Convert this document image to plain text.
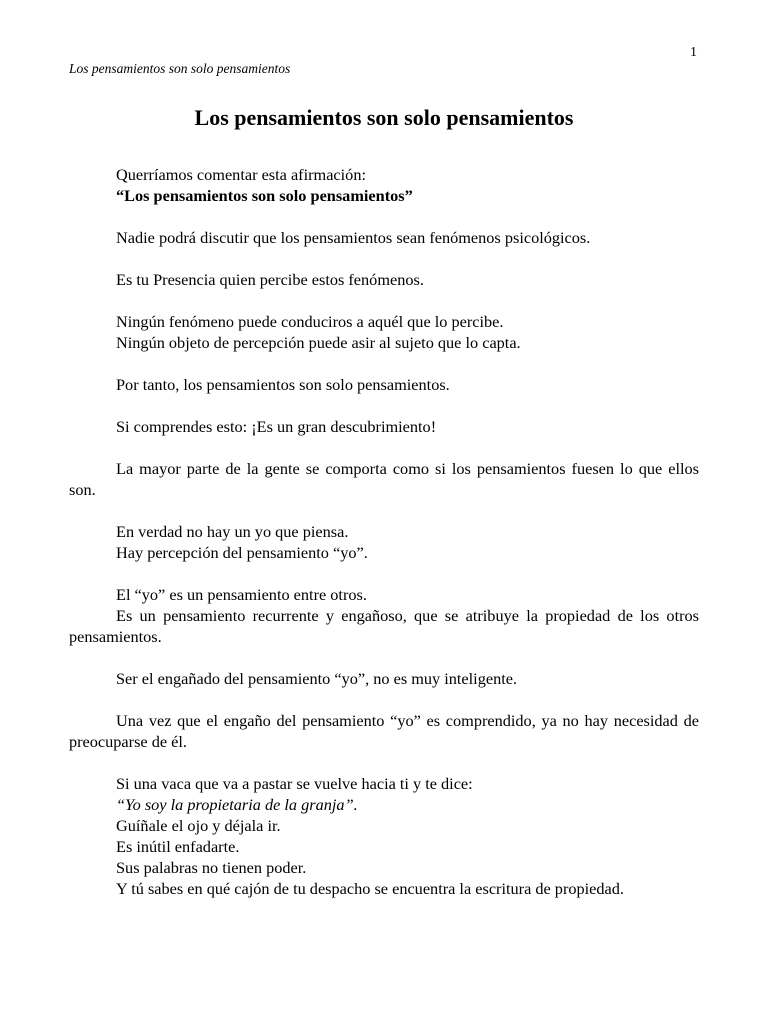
1
Los pensamientos son solo pensamientos
Los pensamientos son solo pensamientos
Querríamos comentar esta afirmación:
“Los pensamientos son solo pensamientos”
Nadie podrá discutir que los pensamientos sean fenómenos psicológicos.
Es tu Presencia quien percibe estos fenómenos.
Ningún fenómeno puede conduciros a aquél que lo percibe.
Ningún objeto de percepción puede asir al sujeto que lo capta.
Por tanto, los pensamientos son solo pensamientos.
Si comprendes esto: ¡Es un gran descubrimiento!
La mayor parte de la gente se comporta como si los pensamientos fuesen lo que ellos son.
En verdad no hay un yo que piensa.
Hay percepción del pensamiento “yo”.
El “yo” es un pensamiento entre otros.
Es un pensamiento recurrente y engañoso, que se atribuye la propiedad de los otros pensamientos.
Ser el engañado del pensamiento “yo”, no es muy inteligente.
Una vez que el engaño del pensamiento “yo” es comprendido, ya no hay necesidad de preocuparse de él.
Si una vaca que va a pastar se vuelve hacia ti y te dice:
“Yo soy la propietaria de la granja”.
Guíñale el ojo y déjala ir.
Es inútil enfadarte.
Sus palabras no tienen poder.
Y tú sabes en qué cajón de tu despacho se encuentra la escritura de propiedad.
